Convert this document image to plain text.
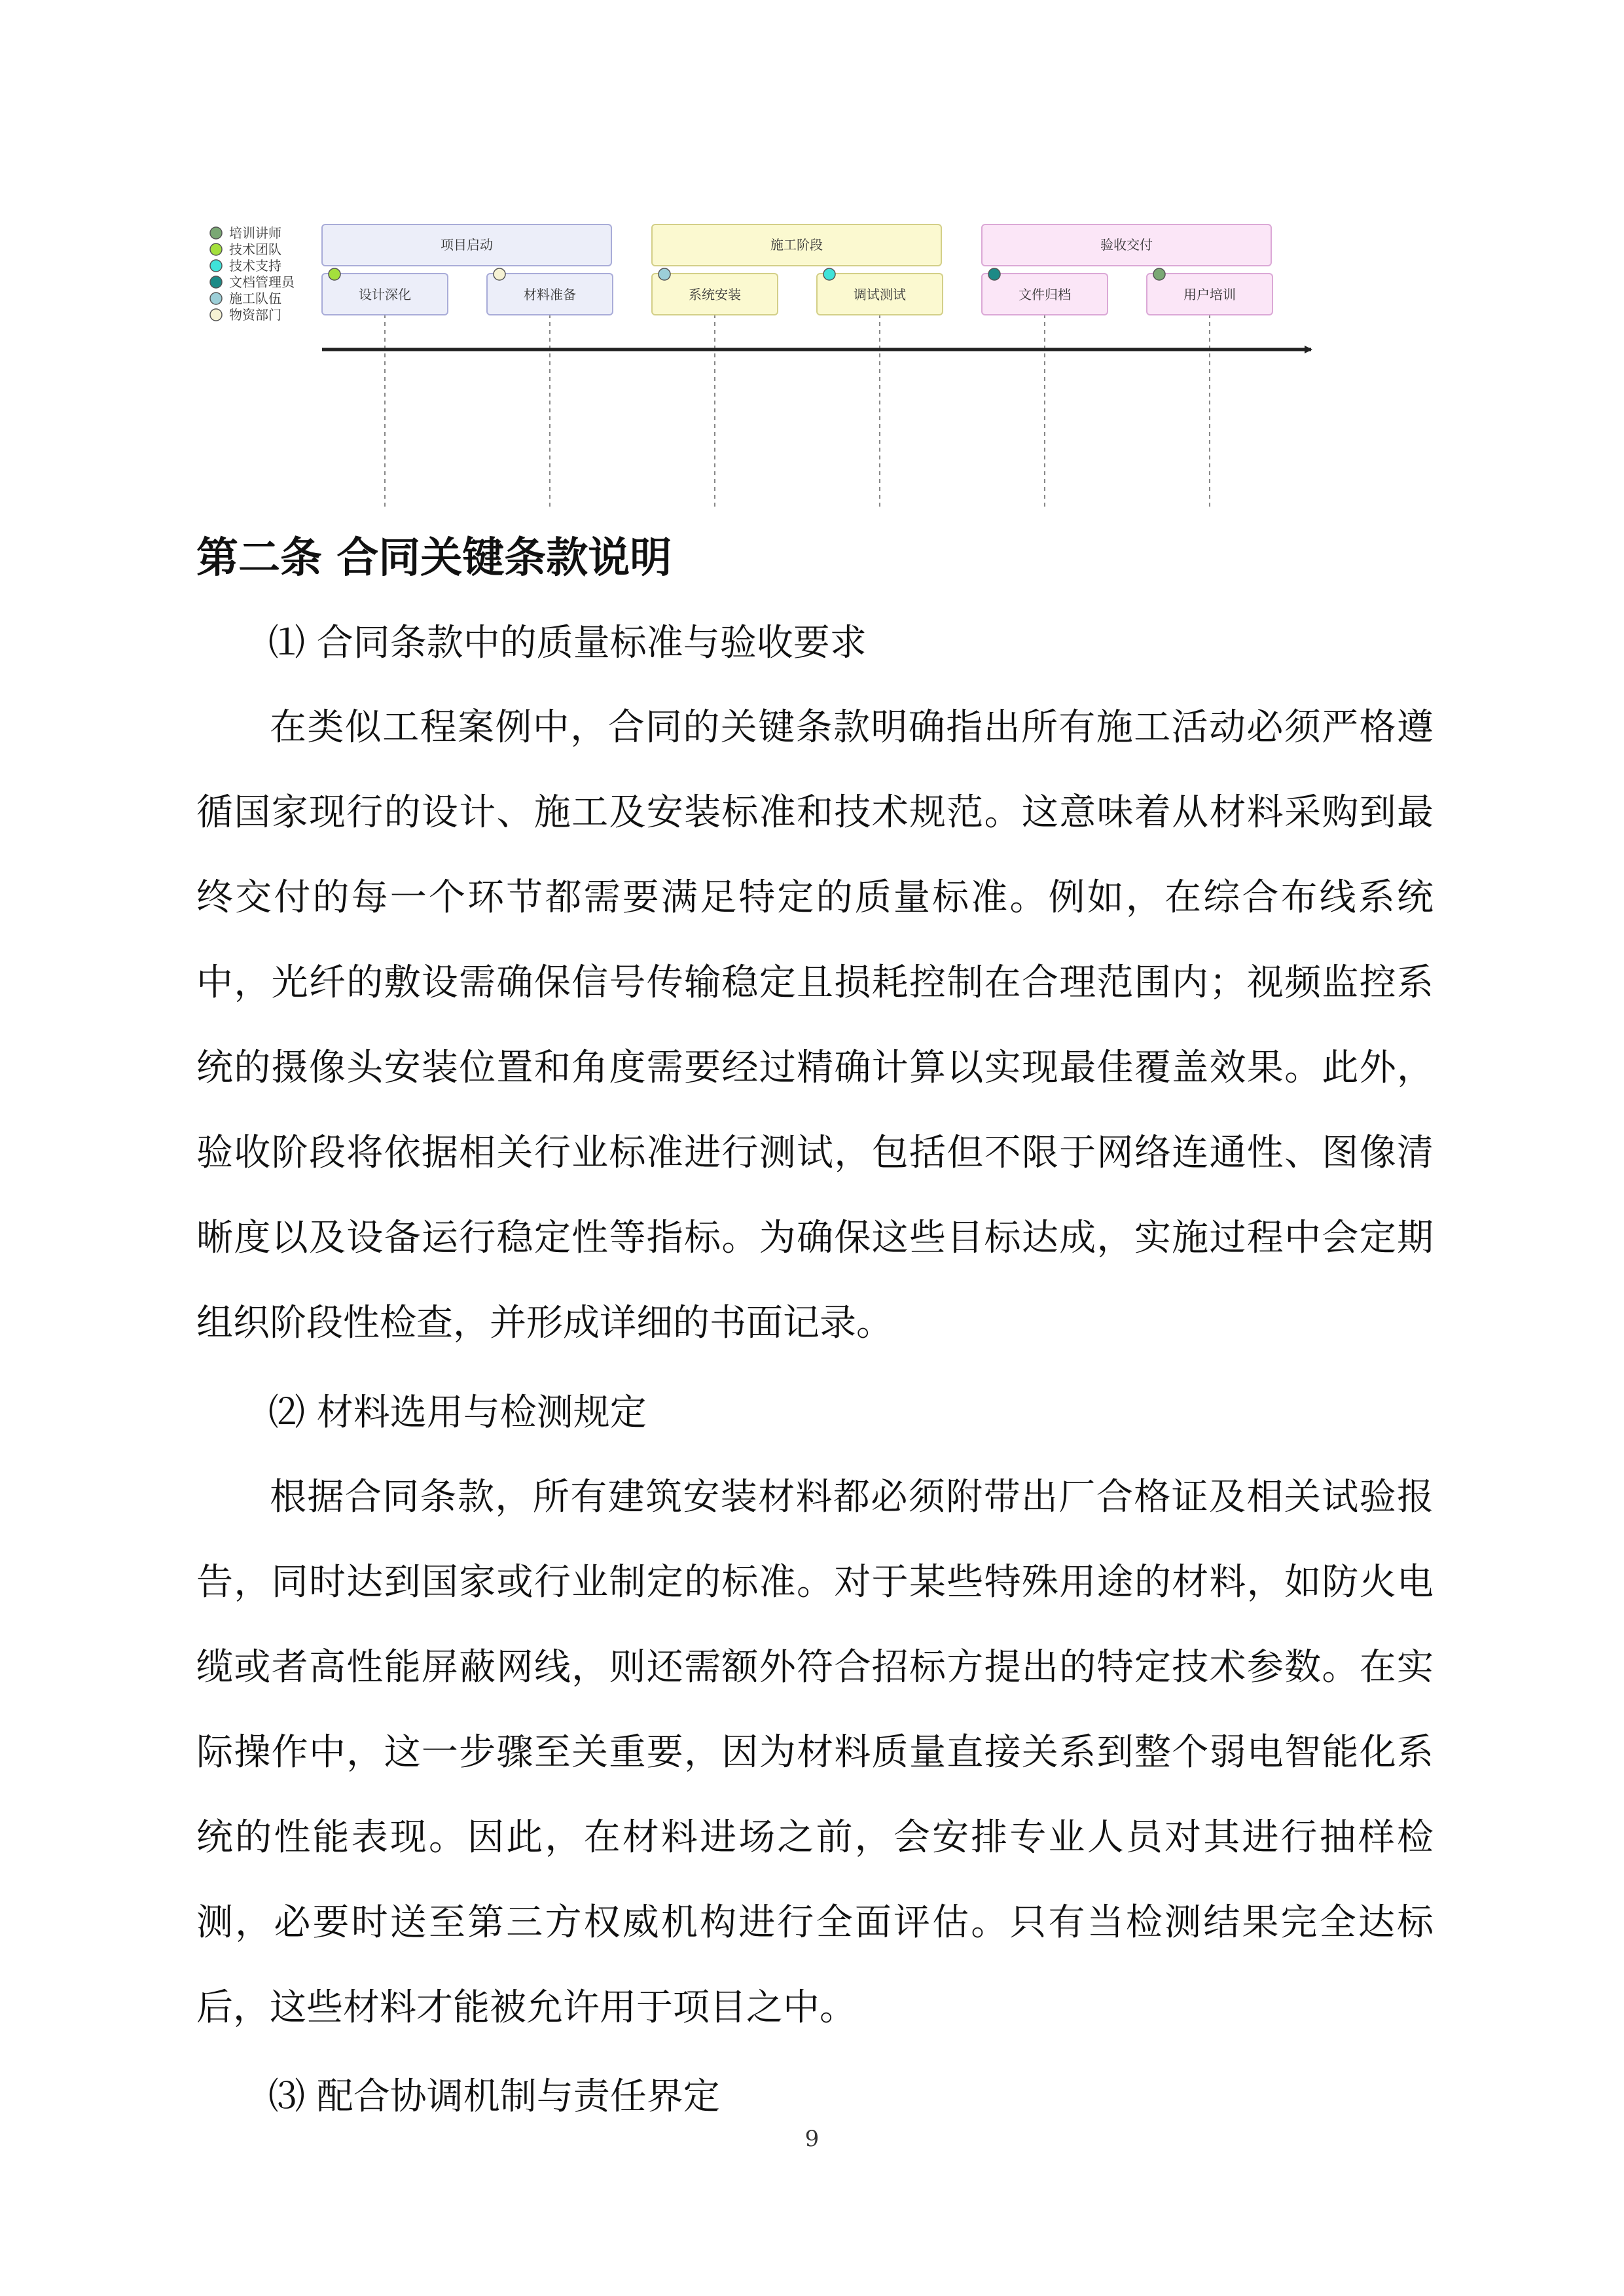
培训讲师
技术团队
技术支持
文档管理员
施工队伍
物资部门
项目启动	施工阶段	验收交付
设计深化	材料准备	系统安装	调试测试	文件归档	用户培训
第二条 合同关键条款说明
⑴ 合同条款中的质量标准与验收要求
在类似工程案例中，合同的关键条款明确指出所有施工活动必须严格遵循国家现行的设计、施工及安装标准和技术规范。这意味着从材料采购到最终交付的每一个环节都需要满足特定的质量标准。例如，在综合布线系统中，光纤的敷设需确保信号传输稳定且损耗控制在合理范围内；视频监控系统的摄像头安装位置和角度需要经过精确计算以实现最佳覆盖效果。此外，验收阶段将依据相关行业标准进行测试，包括但不限于网络连通性、图像清晰度以及设备运行稳定性等指标。为确保这些目标达成，实施过程中会定期组织阶段性检查，并形成详细的书面记录。
⑵ 材料选用与检测规定
根据合同条款，所有建筑安装材料都必须附带出厂合格证及相关试验报告，同时达到国家或行业制定的标准。对于某些特殊用途的材料，如防火电缆或者高性能屏蔽网线，则还需额外符合招标方提出的特定技术参数。在实际操作中，这一步骤至关重要，因为材料质量直接关系到整个弱电智能化系统的性能表现。因此，在材料进场之前，会安排专业人员对其进行抽样检测，必要时送至第三方权威机构进行全面评估。只有当检测结果完全达标后，这些材料才能被允许用于项目之中。
⑶ 配合协调机制与责任界定
9
